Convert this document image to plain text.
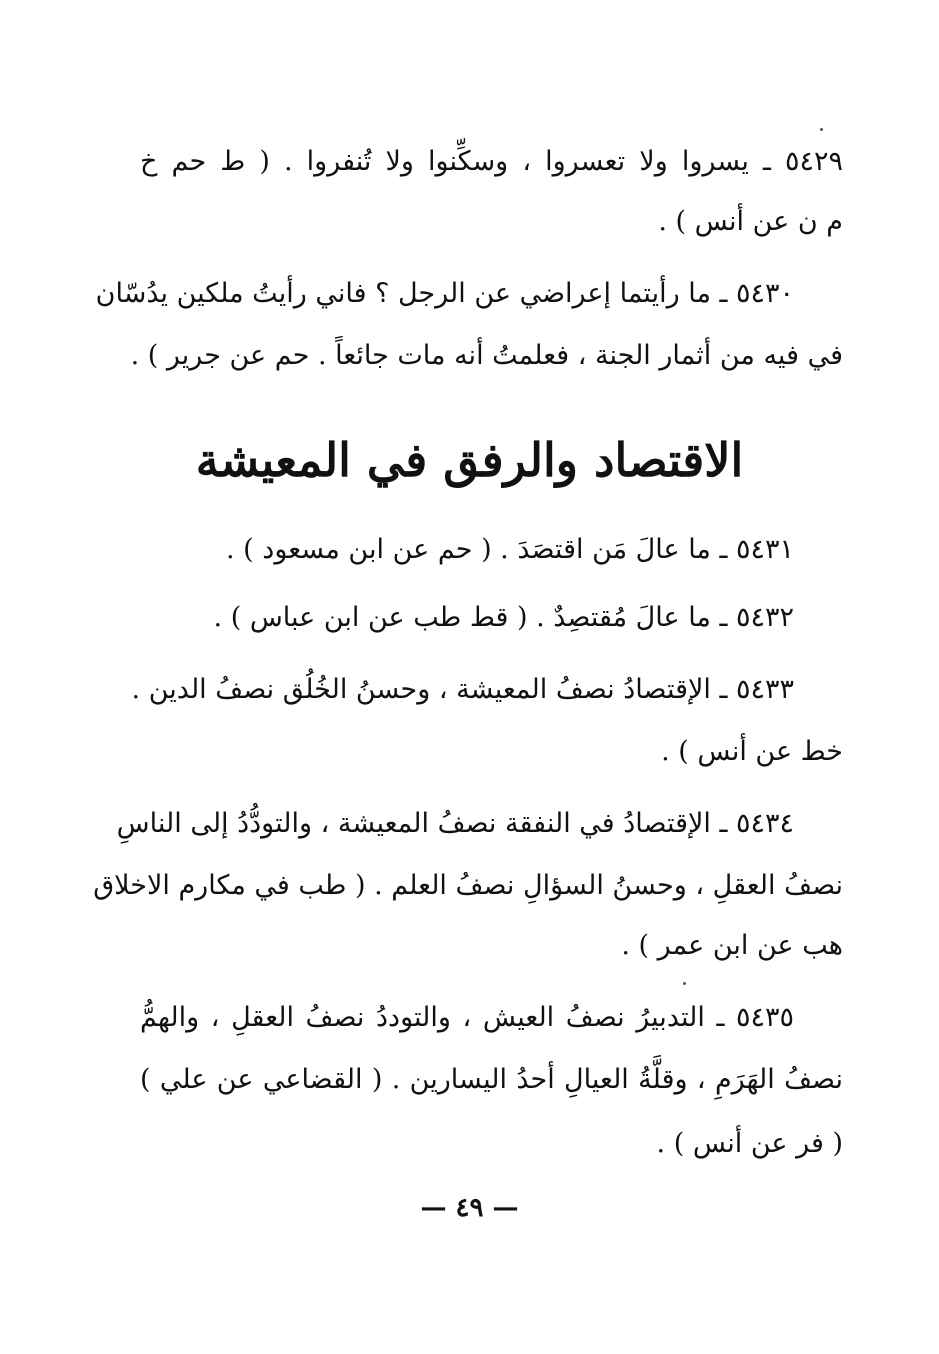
٥٤٢٩ ـ يسروا ولا تعسروا ، وسكِّنوا ولا تُنفروا . ( ط حم خ
م ن عن أنس ) .
٥٤٣٠ ـ ما رأيتما إعراضي عن الرجل ؟ فاني رأيتُ ملكين يدُسّان
في فيه من أثمار الجنة ، فعلمتُ أنه مات جائعاً . حم عن جرير ) .
الاقتصاد والرفق في المعيشة
٥٤٣١ ـ ما عالَ مَن اقتصَدَ . ( حم عن ابن مسعود ) .
٥٤٣٢ ـ ما عالَ مُقتصِدٌ . ( قط طب عن ابن عباس ) .
٥٤٣٣ ـ الإقتصادُ نصفُ المعيشة ، وحسنُ الخُلُق نصفُ الدين .
خط عن أنس ) .
٥٤٣٤ ـ الإقتصادُ في النفقة نصفُ المعيشة ، والتودُّدُ إلى الناسِ
نصفُ العقلِ ، وحسنُ السؤالِ نصفُ العلم . ( طب في مكارم الاخلاق
هب عن ابن عمر ) .
٥٤٣٥ ـ التدبيرُ نصفُ العيش ، والتوددُ نصفُ العقلِ ، والهمُّ
نصفُ الهَرَمِ ، وقلَّةُ العيالِ أحدُ اليسارين . ( القضاعي عن علي )
( فر عن أنس ) .
— ٤٩ —
